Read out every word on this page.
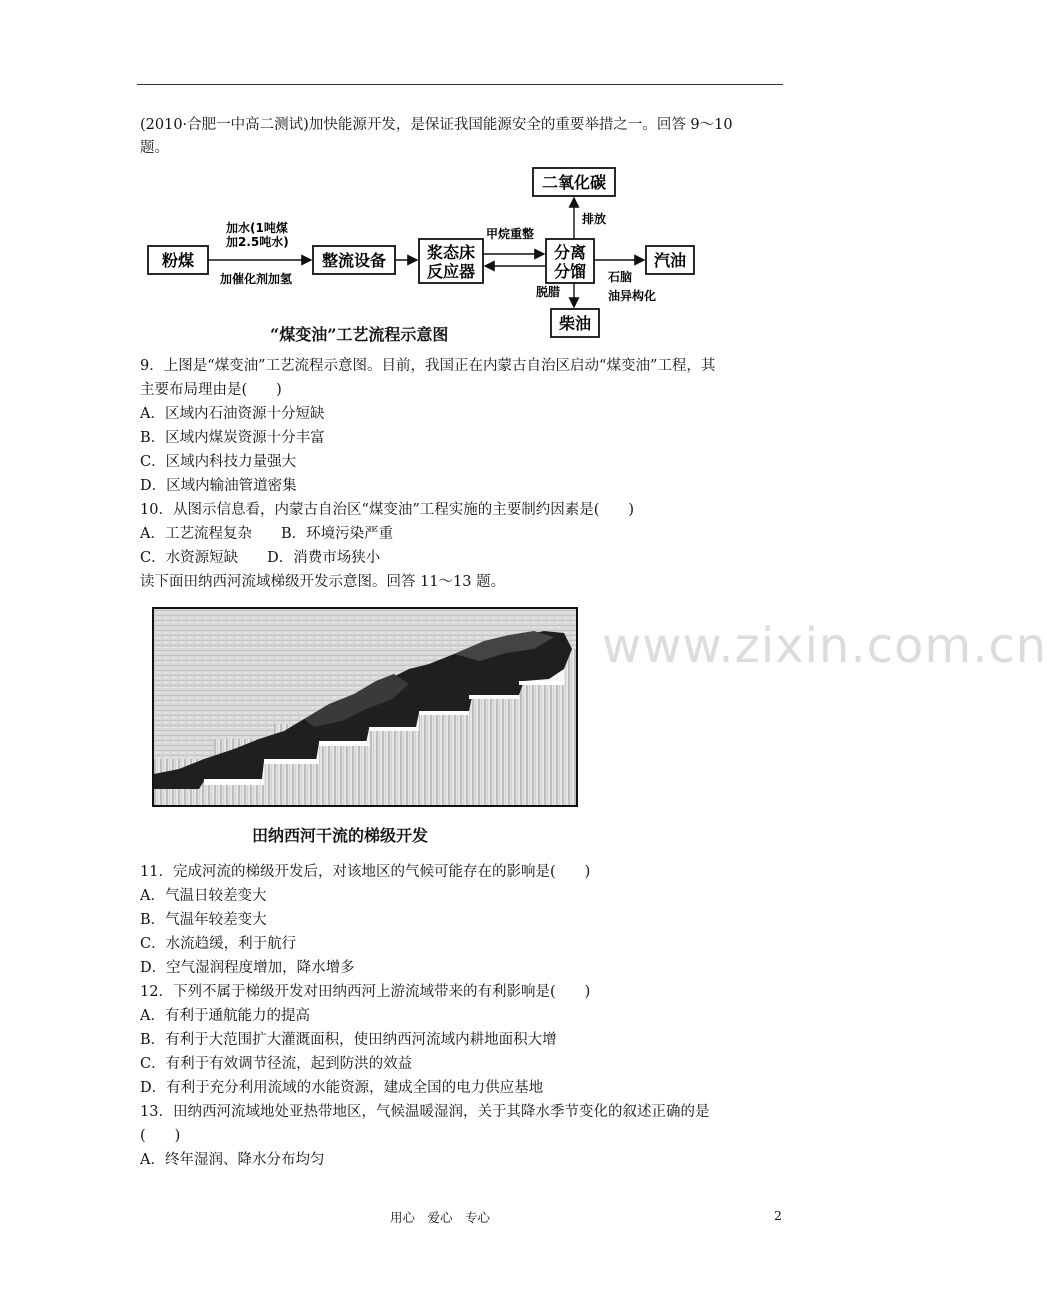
(2010·合肥一中高二测试)加快能源开发，是保证我国能源安全的重要举措之一。回答 9～10
题。
粉煤	整流设备	浆态床
反应器
分离
分馏
二氧化碳
汽油
柴油
加水(1吨煤
加2.5吨水)
加催化剂加氢
甲烷重整
排放
石脑
油异构化
脱腊
“煤变油”工艺流程示意图
9．上图是“煤变油”工艺流程示意图。目前，我国正在内蒙古自治区启动“煤变油”工程，其
主要布局理由是(　　)
A．区域内石油资源十分短缺
B．区域内煤炭资源十分丰富
C．区域内科技力量强大
D．区域内输油管道密集
10．从图示信息看，内蒙古自治区“煤变油”工程实施的主要制约因素是(　　)
A．工艺流程复杂　　B．环境污染严重
C．水资源短缺　　D．消费市场狭小
读下面田纳西河流域梯级开发示意图。回答 11～13 题。
www.zixin.com.cn
田纳西河干流的梯级开发
11．完成河流的梯级开发后，对该地区的气候可能存在的影响是(　　)
A．气温日较差变大
B．气温年较差变大
C．水流趋缓，利于航行
D．空气湿润程度增加，降水增多
12．下列不属于梯级开发对田纳西河上游流域带来的有利影响是(　　)
A．有利于通航能力的提高
B．有利于大范围扩大灌溉面积，使田纳西河流域内耕地面积大增
C．有利于有效调节径流，起到防洪的效益
D．有利于充分利用流域的水能资源，建成全国的电力供应基地
13．田纳西河流域地处亚热带地区，气候温暖湿润，关于其降水季节变化的叙述正确的是
(　　)
A．终年湿润、降水分布均匀
用心　爱心　专心	2
